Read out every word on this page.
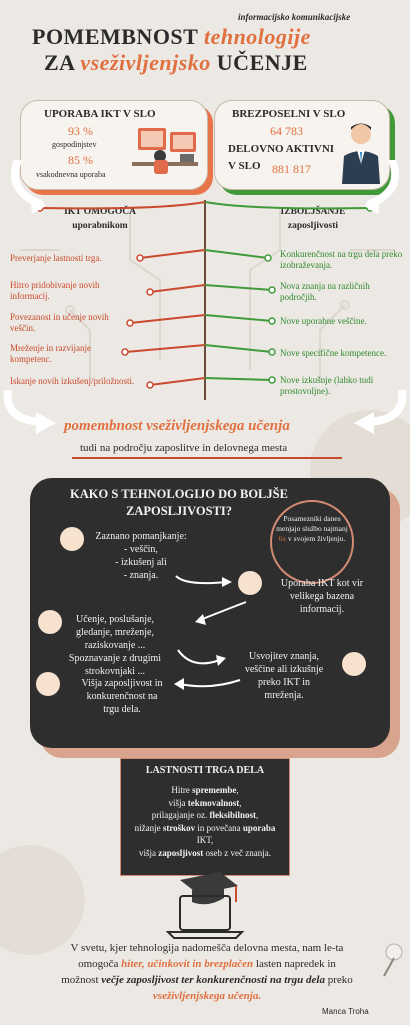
informacijsko komunikacijske
POMEMBNOST tehnologije
ZA vseživljenjsko UČENJE
UPORABA IKT V SLO
93 %
gospodinjstev
85 %
vsakodnevna uporaba
BREZPOSELNI V SLO
64 783
DELOVNO AKTIVNI
V SLO 881 817
IKT OMOGOČA
uporabnikom
IZBOLJŠANJE
zaposljivosti
Preverjanje lastnosti trga.
Hitro pridobivanje novih informacij.
Povezanost in učenje novih veščin.
Mreženje in razvijanje kompetenc.
Iskanje novih izkušenj/priložnosti.
Konkurenčnost na trgu dela preko izobraževanja.
Nova znanja na različnih področjih.
Nove uporabne veščine.
Nove specifične kompetence.
Nove izkušnje (lahko tudi prostovoljne).
pomembnost vseživljenjskega učenja
tudi na področju zaposlitve in delovnega mesta
KAKO S TEHNOLOGIJO DO BOLJŠE ZAPOSLJIVOSTI?
Posamezniki danes menjajo službo najmanj 6x v svojem življenju.
Zaznano pomanjkanje:
- veščin,
- izkušenj ali
- znanja.
Uporaba IKT kot vir
velikega bazena
informacij.
Učenje, poslušanje,
gledanje, mreženje,
raziskovanje ...
Spoznavanje z drugimi
strokovnjaki ...
Usvojitev znanja,
veščine ali izkušnje
preko IKT in
mreženja.
Višja zaposljivost in
konkurenčnost na
trgu dela.
LASTNOSTI TRGA DELA
Hitre spremembe,
višja tekmovalnost,
prilagajanje oz. fleksibilnost,
nižanje stroškov in povečana uporaba
IKT,
višja zaposljivost oseb z več znanja.
V svetu, kjer tehnologija nadomešča delovna mesta, nam le-ta
omogoča hiter, učinkovit in brezplačen lasten napredek in
možnost večje zaposljivost ter konkurenčnosti na trgu dela preko
vseživljenjskega učenja.
Manca Troha
